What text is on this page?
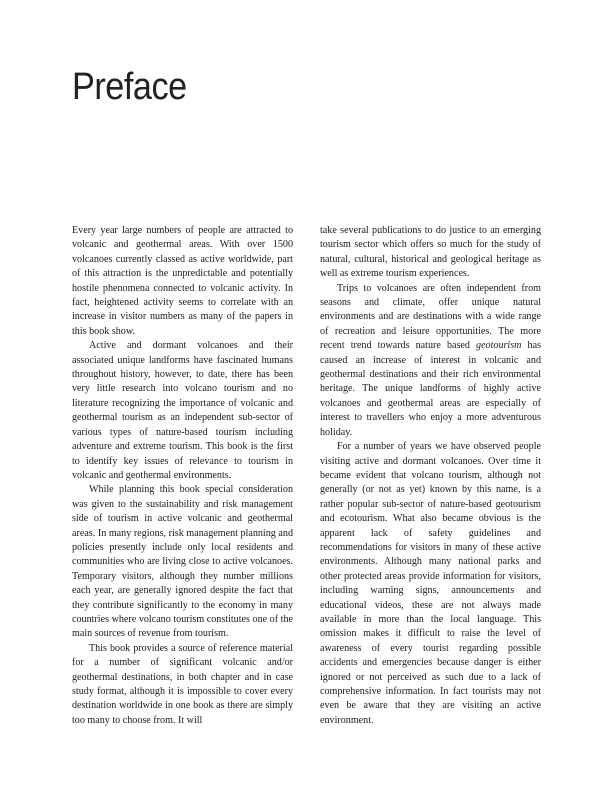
Preface

Every year large numbers of people are attracted to volcanic and geothermal areas. With over 1500 volcanoes currently classed as active worldwide, part of this attraction is the unpredictable and potentially hostile phenomena connected to volcanic activity. In fact, heightened activity seems to correlate with an increase in visitor numbers as many of the papers in this book show.

Active and dormant volcanoes and their associated unique landforms have fascinated humans throughout history, however, to date, there has been very little research into volcano tourism and no literature recognizing the importance of volcanic and geothermal tourism as an independent sub-sector of various types of nature-based tourism including adventure and extreme tourism. This book is the first to identify key issues of relevance to tourism in volcanic and geothermal environments.

While planning this book special consideration was given to the sustainability and risk management side of tourism in active volcanic and geothermal areas. In many regions, risk management planning and policies presently include only local residents and communities who are living close to active volcanoes. Temporary visitors, although they number millions each year, are generally ignored despite the fact that they contribute significantly to the economy in many countries where volcano tourism constitutes one of the main sources of revenue from tourism.

This book provides a source of reference material for a number of significant volcanic and/or geothermal destinations, in both chapter and in case study format, although it is impossible to cover every destination worldwide in one book as there are simply too many to choose from. It will

take several publications to do justice to an emerging tourism sector which offers so much for the study of natural, cultural, historical and geological heritage as well as extreme tourism experiences.

Trips to volcanoes are often independent from seasons and climate, offer unique natural environments and are destinations with a wide range of recreation and leisure opportunities. The more recent trend towards nature based geotourism has caused an increase of interest in volcanic and geothermal destinations and their rich environmental heritage. The unique landforms of highly active volcanoes and geothermal areas are especially of interest to travellers who enjoy a more adventurous holiday.

For a number of years we have observed people visiting active and dormant volcanoes. Over time it became evident that volcano tourism, although not generally (or not as yet) known by this name, is a rather popular sub-sector of nature-based geotourism and ecotourism. What also became obvious is the apparent lack of safety guidelines and recommendations for visitors in many of these active environments. Although many national parks and other protected areas provide information for visitors, including warning signs, announcements and educational videos, these are not always made available in more than the local language. This omission makes it difficult to raise the level of awareness of every tourist regarding possible accidents and emergencies because danger is either ignored or not perceived as such due to a lack of comprehensive information. In fact tourists may not even be aware that they are visiting an active environment.
